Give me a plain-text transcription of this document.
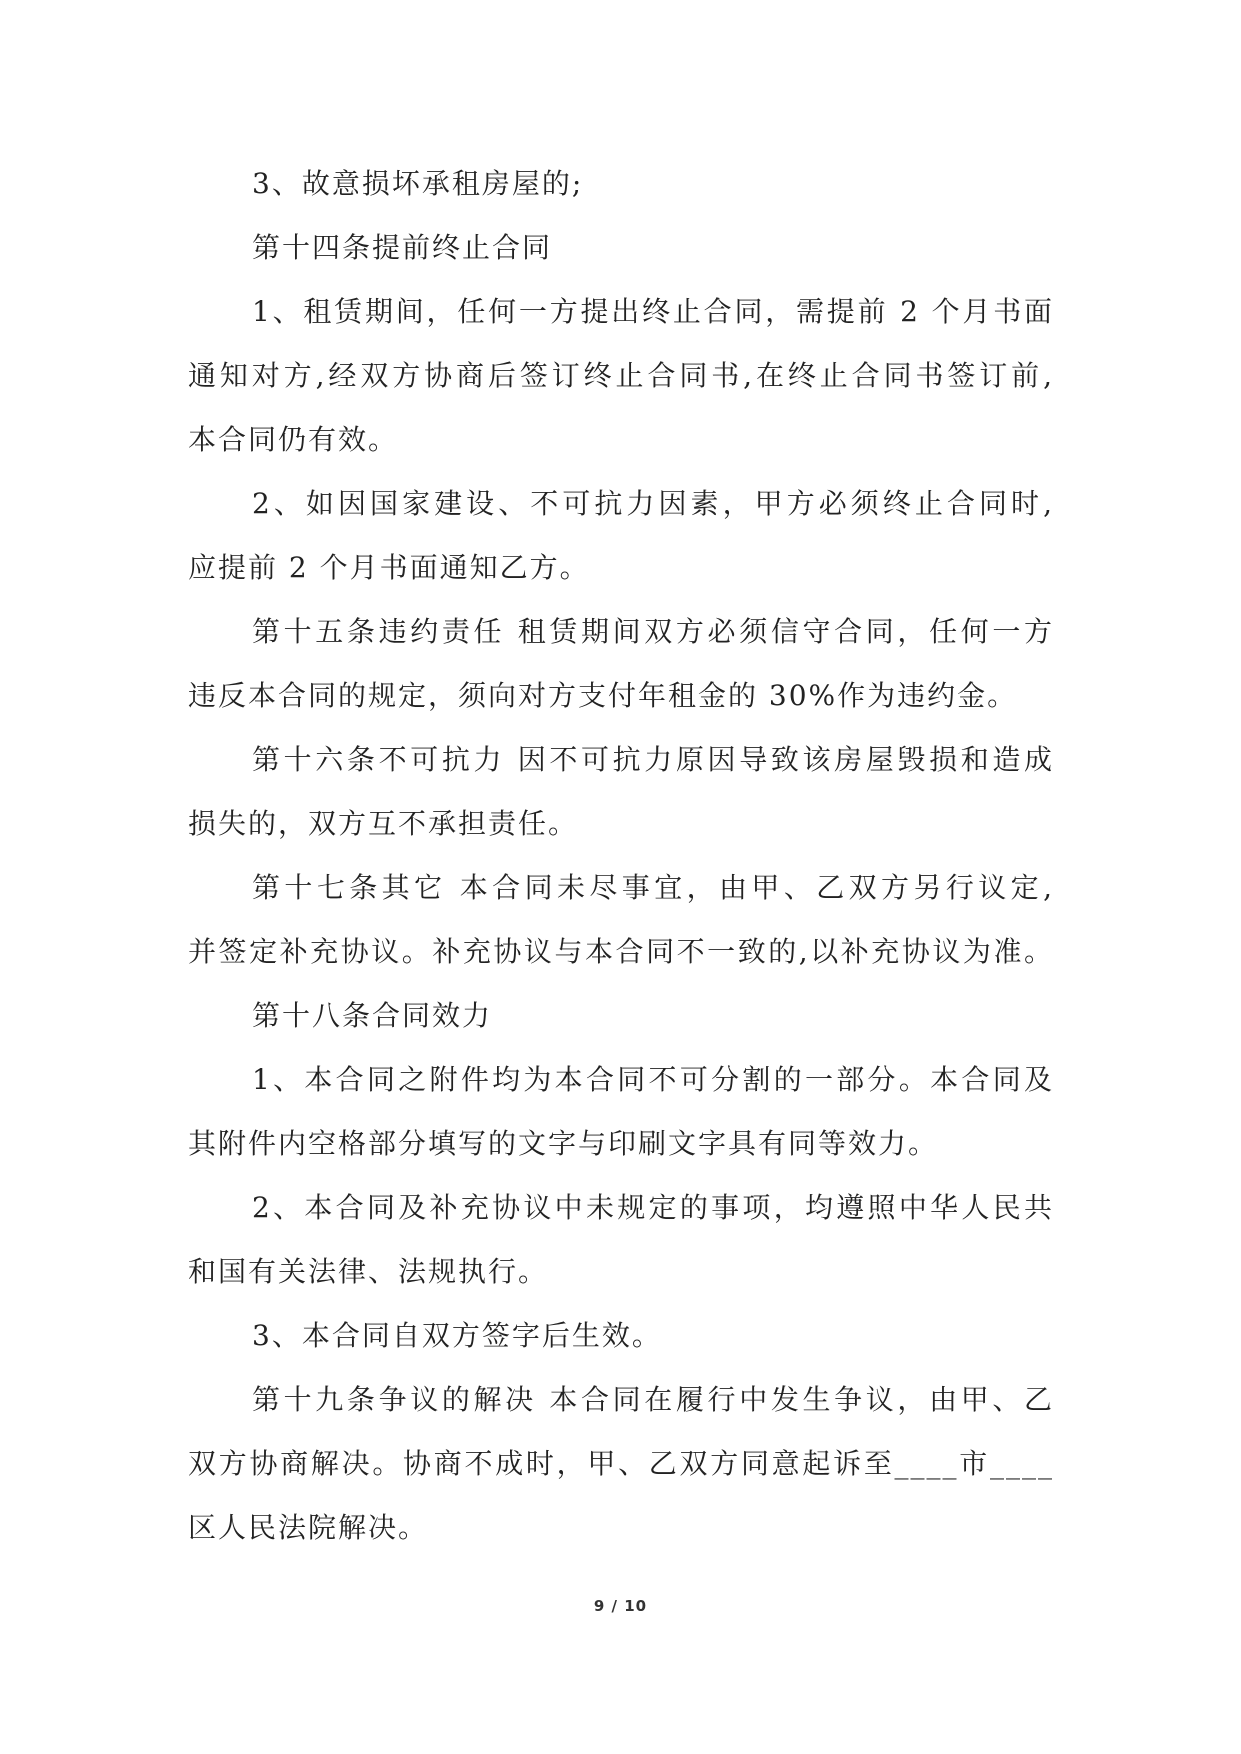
3、故意损坏承租房屋的;
第十四条提前终止合同
1、租赁期间，任何一方提出终止合同，需提前 2 个月书面
通知对方,经双方协商后签订终止合同书,在终止合同书签订前,
本合同仍有效。
2、如因国家建设、不可抗力因素，甲方必须终止合同时,
应提前 2 个月书面通知乙方。
第十五条违约责任 租赁期间双方必须信守合同，任何一方
违反本合同的规定，须向对方支付年租金的 30%作为违约金。
第十六条不可抗力 因不可抗力原因导致该房屋毁损和造成
损失的，双方互不承担责任。
第十七条其它 本合同未尽事宜，由甲、乙双方另行议定,
并签定补充协议。补充协议与本合同不一致的,以补充协议为准。
第十八条合同效力
1、本合同之附件均为本合同不可分割的一部分。本合同及
其附件内空格部分填写的文字与印刷文字具有同等效力。
2、本合同及补充协议中未规定的事项，均遵照中华人民共
和国有关法律、法规执行。
3、本合同自双方签字后生效。
第十九条争议的解决 本合同在履行中发生争议，由甲、乙
双方协商解决。协商不成时，甲、乙双方同意起诉至____市____
区人民法院解决。
9 / 10
